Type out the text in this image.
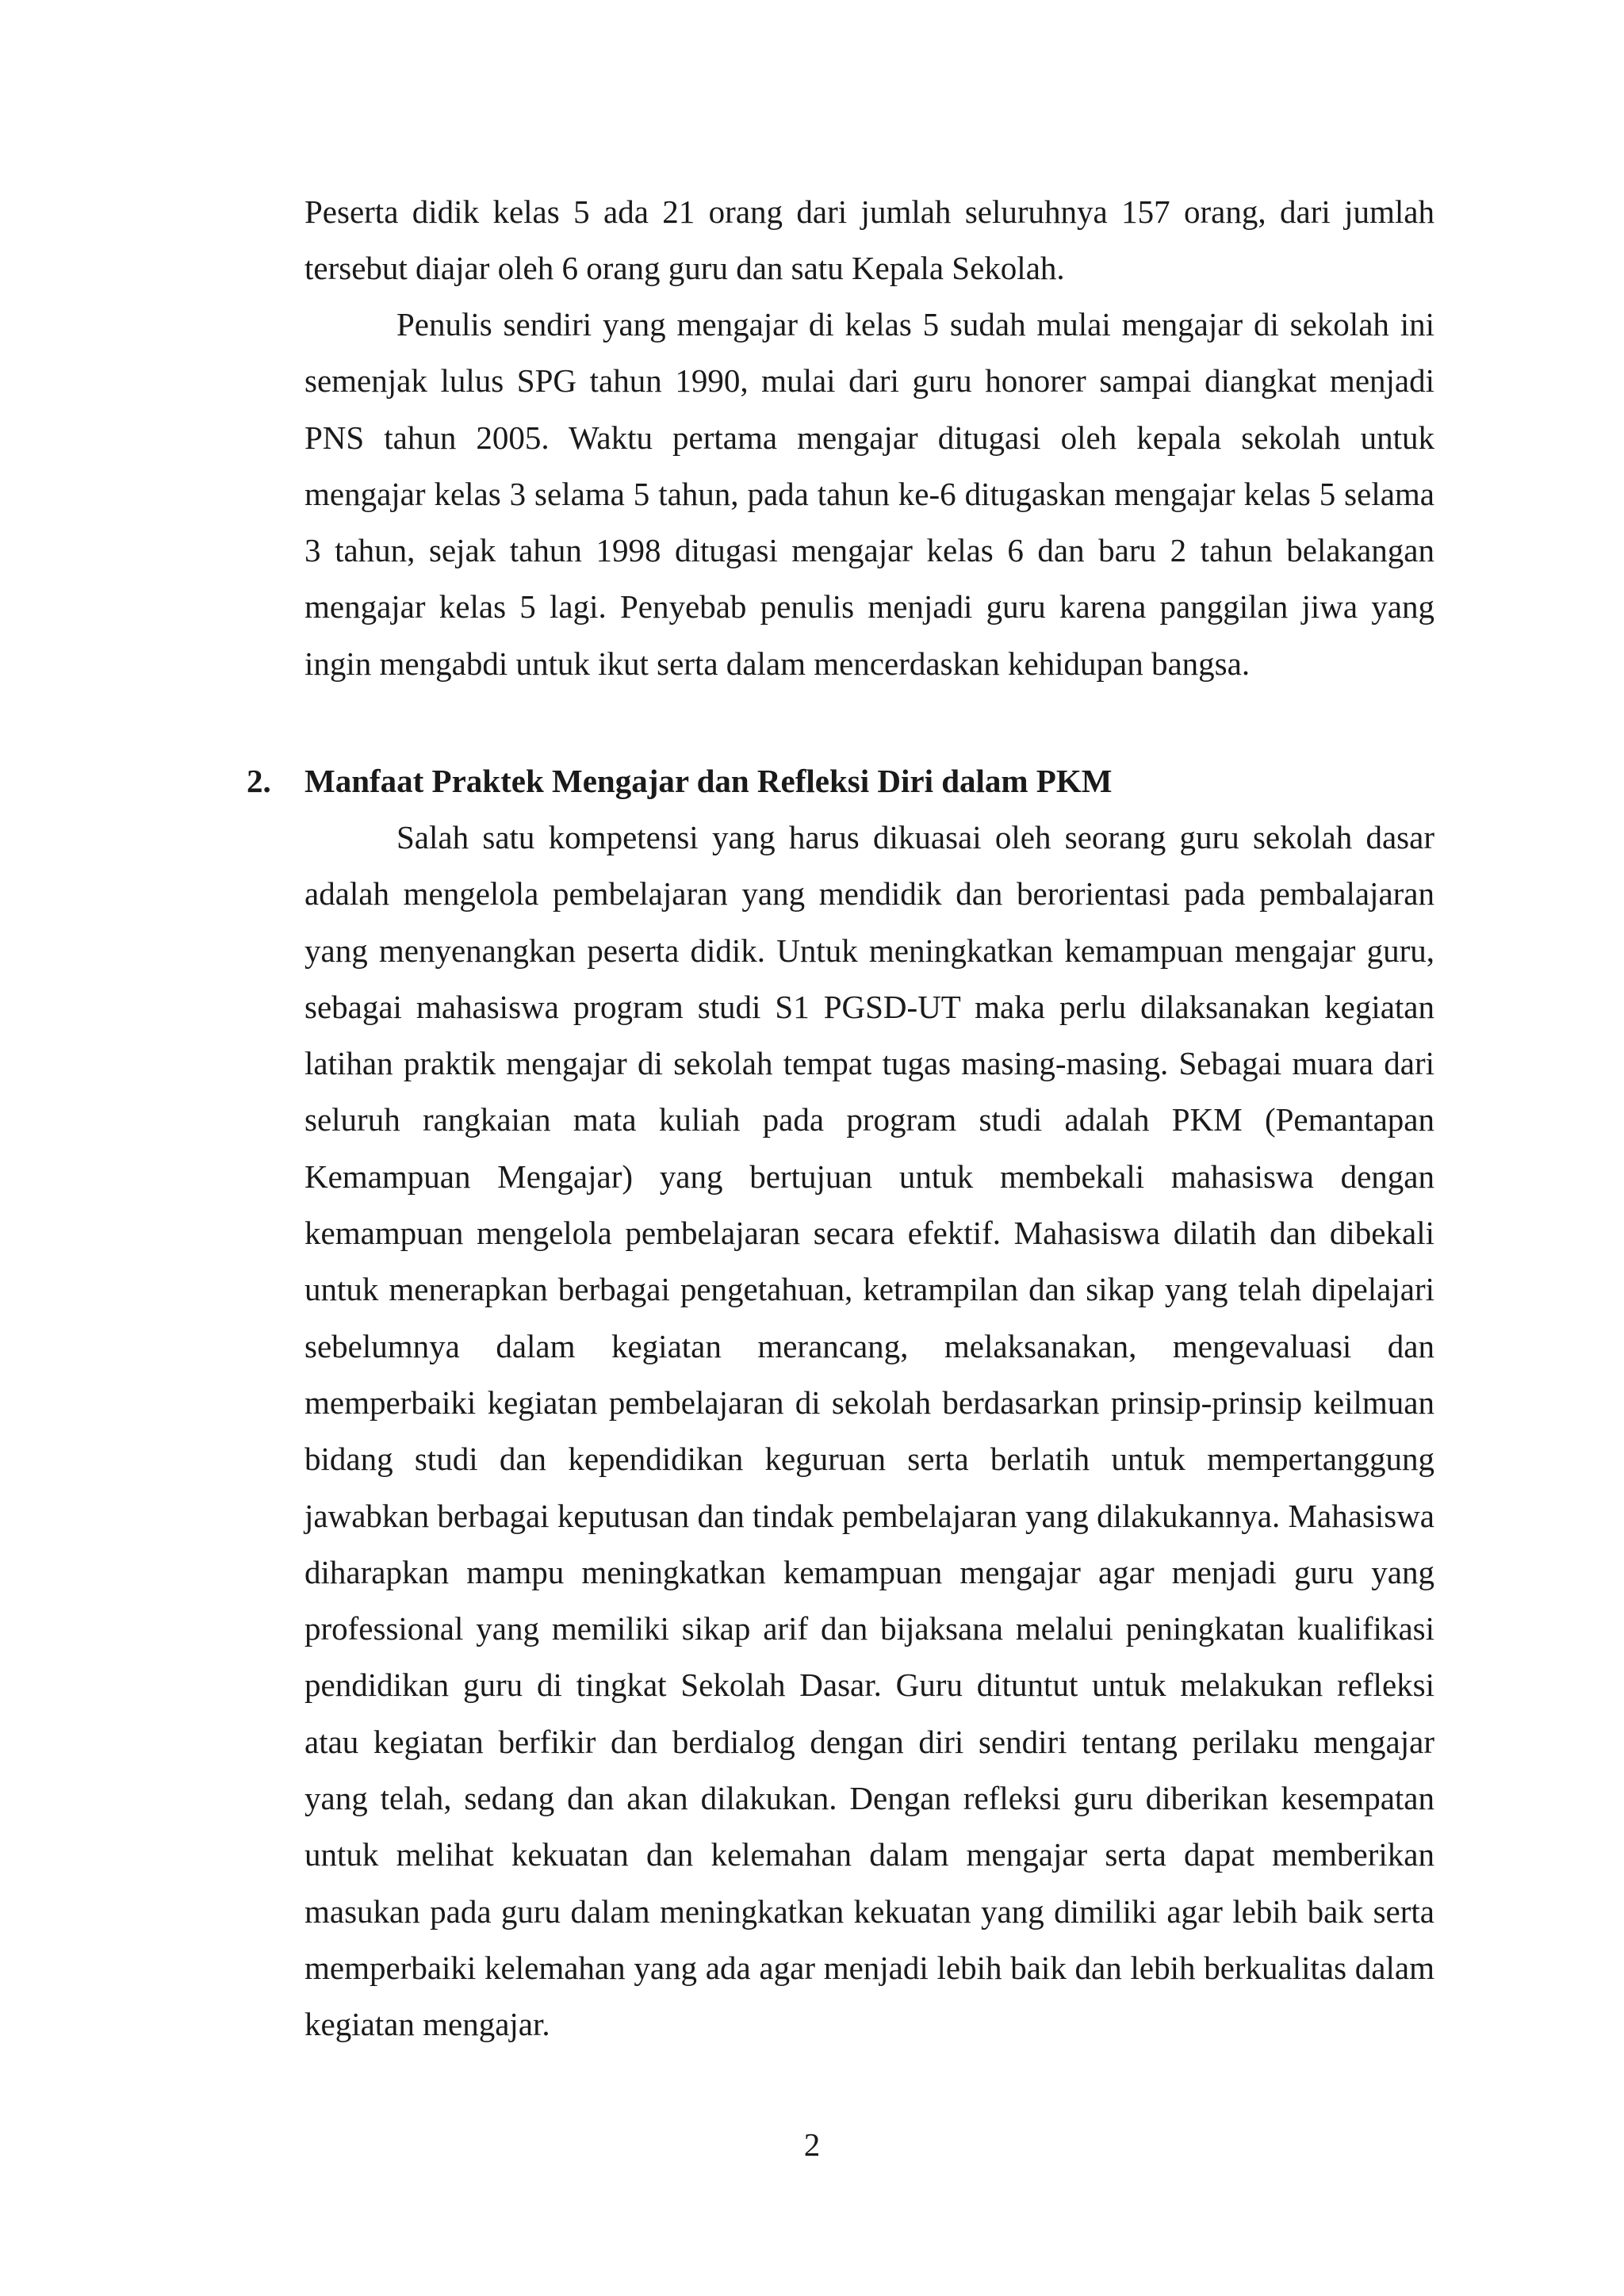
Peserta didik kelas 5 ada 21 orang dari jumlah seluruhnya 157 orang, dari jumlah tersebut diajar oleh 6 orang guru dan satu Kepala Sekolah.

Penulis sendiri yang mengajar di kelas 5 sudah mulai mengajar di sekolah ini semenjak lulus SPG tahun 1990, mulai dari guru honorer sampai diangkat menjadi PNS tahun 2005. Waktu pertama mengajar ditugasi oleh kepala sekolah untuk mengajar kelas 3 selama 5 tahun, pada tahun ke-6 ditugaskan mengajar kelas 5 selama 3 tahun, sejak tahun 1998 ditugasi mengajar kelas 6 dan baru 2 tahun belakangan mengajar kelas 5 lagi. Penyebab penulis menjadi guru karena panggilan jiwa yang ingin mengabdi untuk ikut serta dalam mencerdaskan kehidupan bangsa.

2. Manfaat Praktek Mengajar dan Refleksi Diri dalam PKM

Salah satu kompetensi yang harus dikuasai oleh seorang guru sekolah dasar adalah mengelola pembelajaran yang mendidik dan berorientasi pada pembalajaran yang menyenangkan peserta didik. Untuk meningkatkan kemampuan mengajar guru, sebagai mahasiswa program studi S1 PGSD-UT maka perlu dilaksanakan kegiatan latihan praktik mengajar di sekolah tempat tugas masing-masing. Sebagai muara dari seluruh rangkaian mata kuliah pada program studi adalah PKM (Pemantapan Kemampuan Mengajar) yang bertujuan untuk membekali mahasiswa dengan kemampuan mengelola pembelajaran secara efektif. Mahasiswa dilatih dan dibekali untuk menerapkan berbagai pengetahuan, ketrampilan dan sikap yang telah dipelajari sebelumnya dalam kegiatan merancang, melaksanakan, mengevaluasi dan memperbaiki kegiatan pembelajaran di sekolah berdasarkan prinsip-prinsip keilmuan bidang studi dan kependidikan keguruan serta berlatih untuk mempertanggung jawabkan berbagai keputusan dan tindak pembelajaran yang dilakukannya. Mahasiswa diharapkan mampu meningkatkan kemampuan mengajar agar menjadi guru yang professional yang memiliki sikap arif dan bijaksana melalui peningkatan kualifikasi pendidikan guru di tingkat Sekolah Dasar. Guru dituntut untuk melakukan refleksi atau kegiatan berfikir dan berdialog dengan diri sendiri tentang perilaku mengajar yang telah, sedang dan akan dilakukan. Dengan refleksi guru diberikan kesempatan untuk melihat kekuatan dan kelemahan dalam mengajar serta dapat memberikan masukan pada guru dalam meningkatkan kekuatan yang dimiliki agar lebih baik serta memperbaiki kelemahan yang ada agar menjadi lebih baik dan lebih berkualitas dalam kegiatan mengajar.

2
